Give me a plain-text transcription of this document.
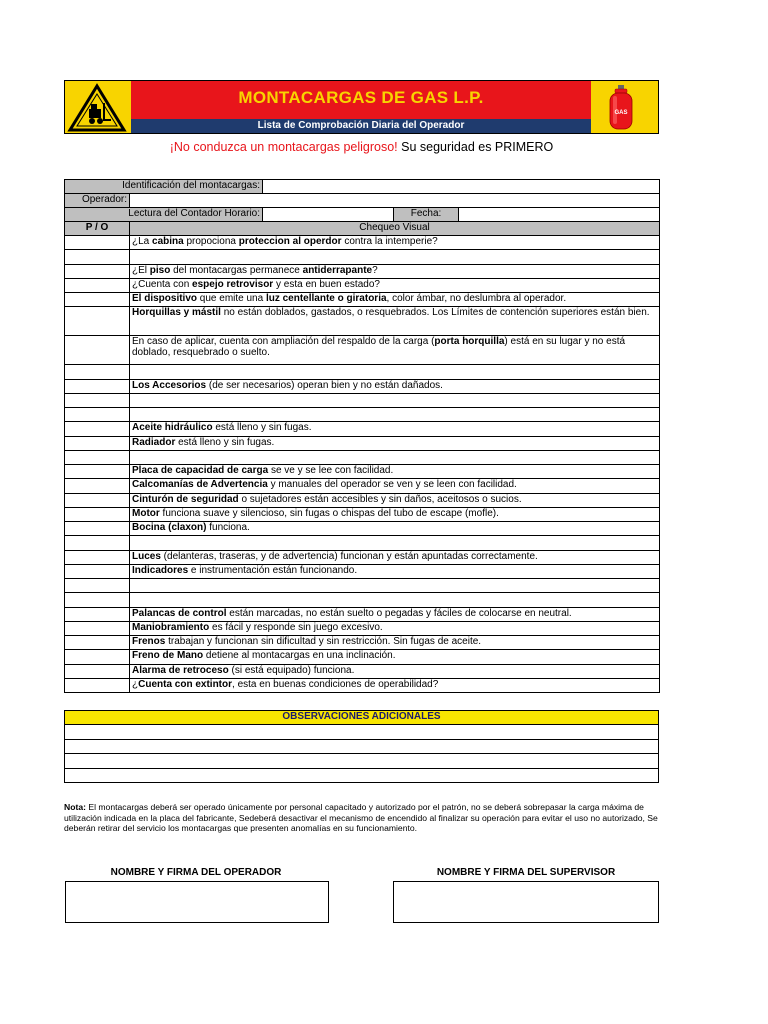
MONTACARGAS DE GAS L.P.
Lista de Comprobación Diaria del Operador
GAS
¡No conduzca un montacargas peligroso! Su seguridad es PRIMERO
Identificación del montacargas:				
Operador:				
Lectura del Contador Horario:			Fecha:	
P / O	Chequeo Visual			
	¿La cabina propociona proteccion al operdor contra la intemperie?			

	¿El piso del montacargas permanece antiderrapante?			
	¿Cuenta con espejo retrovisor y esta en buen estado?			
	El dispositivo que emite una luz centellante o giratoria, color ámbar, no deslumbra al operador.			
	Horquillas y mástil no están doblados, gastados, o resquebrados. Los Límites de contención superiores están bien.			
	En caso de aplicar, cuenta con ampliación del respaldo de la carga (porta horquilla) está en su lugar y no está doblado, resquebrado o suelto.			

	Los Accesorios (de ser necesarios) operan bien y no están dañados.			

	Aceite hidráulico está lleno y sin fugas.			
	Radiador está lleno y sin fugas.			

	Placa de capacidad de carga se ve y se lee con facilidad.			
	Calcomanías de Advertencia y manuales del operador se ven y se leen con facilidad.			
	Cinturón de seguridad o sujetadores están accesibles y sin daños, aceitosos o sucios.			
	Motor funciona suave y silencioso, sin fugas o chispas del tubo de escape (mofle).			
	Bocina (claxon) funciona.			

	Luces (delanteras, traseras, y de advertencia) funcionan y están apuntadas correctamente.			
	Indicadores e instrumentación están funcionando.			

	Palancas de control están marcadas, no están suelto o pegadas y fáciles de colocarse en neutral.			
	Maniobramiento es fácil y responde sin juego excesivo.			
	Frenos trabajan y funcionan sin dificultad y sin restricción. Sin fugas de aceite.			
	Freno de Mano detiene al montacargas en una inclinación.			
	Alarma de retroceso (si está equipado) funciona.			
	¿Cuenta con extintor, esta en buenas condiciones de operabilidad?			
OBSERVACIONES ADICIONALES

Nota: El montacargas deberá ser operado únicamente por personal capacitado y autorizado por el patrón, no se deberá sobrepasar la carga máxima de utilización indicada en la placa del fabricante, Sedeberá desactivar el mecanismo de encendido al finalizar su operación para evitar el uso no autorizado, Se deberán retirar del servicio los montacargas que presenten anomalías en su funcionamiento.
NOMBRE Y FIRMA DEL OPERADOR	NOMBRE Y FIRMA DEL SUPERVISOR
